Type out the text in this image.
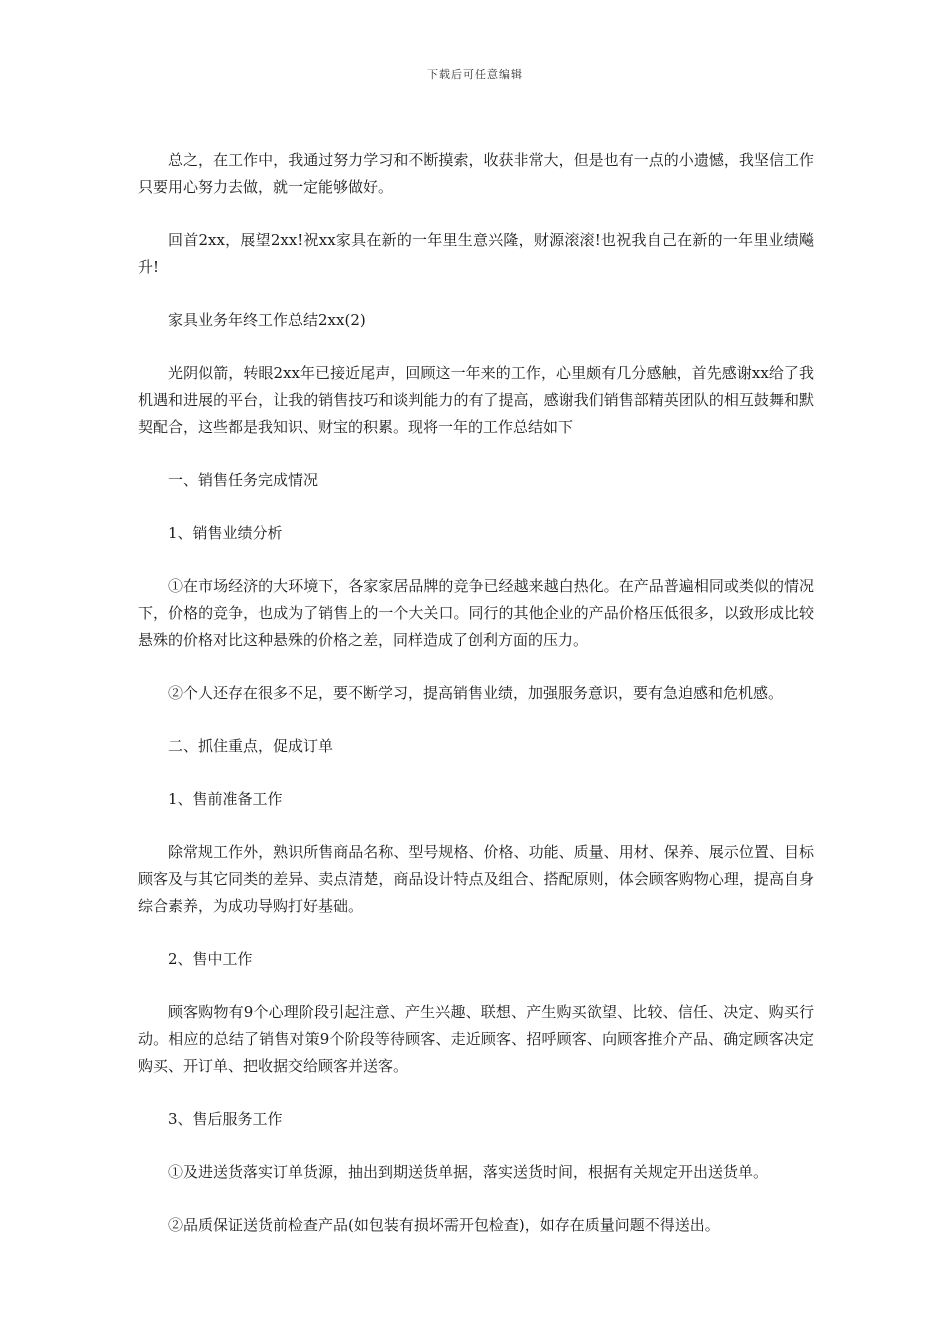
下载后可任意编辑

总之，在工作中，我通过努力学习和不断摸索，收获非常大，但是也有一点的小遗憾，我坚信工作只要用心努力去做，就一定能够做好。

回首2xx，展望2xx!祝xx家具在新的一年里生意兴隆，财源滚滚!也祝我自己在新的一年里业绩飚升!

家具业务年终工作总结2xx(2)

光阴似箭，转眼2xx年已接近尾声，回顾这一年来的工作，心里颇有几分感触，首先感谢xx给了我机遇和进展的平台，让我的销售技巧和谈判能力的有了提高，感谢我们销售部精英团队的相互鼓舞和默契配合，这些都是我知识、财宝的积累。现将一年的工作总结如下

一、销售任务完成情况

1、销售业绩分析

①在市场经济的大环境下，各家家居品牌的竞争已经越来越白热化。在产品普遍相同或类似的情况下，价格的竞争，也成为了销售上的一个大关口。同行的其他企业的产品价格压低很多，以致形成比较悬殊的价格对比这种悬殊的价格之差，同样造成了创利方面的压力。

②个人还存在很多不足，要不断学习，提高销售业绩，加强服务意识，要有急迫感和危机感。

二、抓住重点，促成订单

1、售前准备工作

除常规工作外，熟识所售商品名称、型号规格、价格、功能、质量、用材、保养、展示位置、目标顾客及与其它同类的差异、卖点清楚，商品设计特点及组合、搭配原则，体会顾客购物心理，提高自身综合素养，为成功导购打好基础。

2、售中工作

顾客购物有9个心理阶段引起注意、产生兴趣、联想、产生购买欲望、比较、信任、决定、购买行动。相应的总结了销售对策9个阶段等待顾客、走近顾客、招呼顾客、向顾客推介产品、确定顾客决定购买、开订单、把收据交给顾客并送客。

3、售后服务工作

①及进送货落实订单货源，抽出到期送货单据，落实送货时间，根据有关规定开出送货单。

②品质保证送货前检查产品(如包装有损坏需开包检查)，如存在质量问题不得送出。
